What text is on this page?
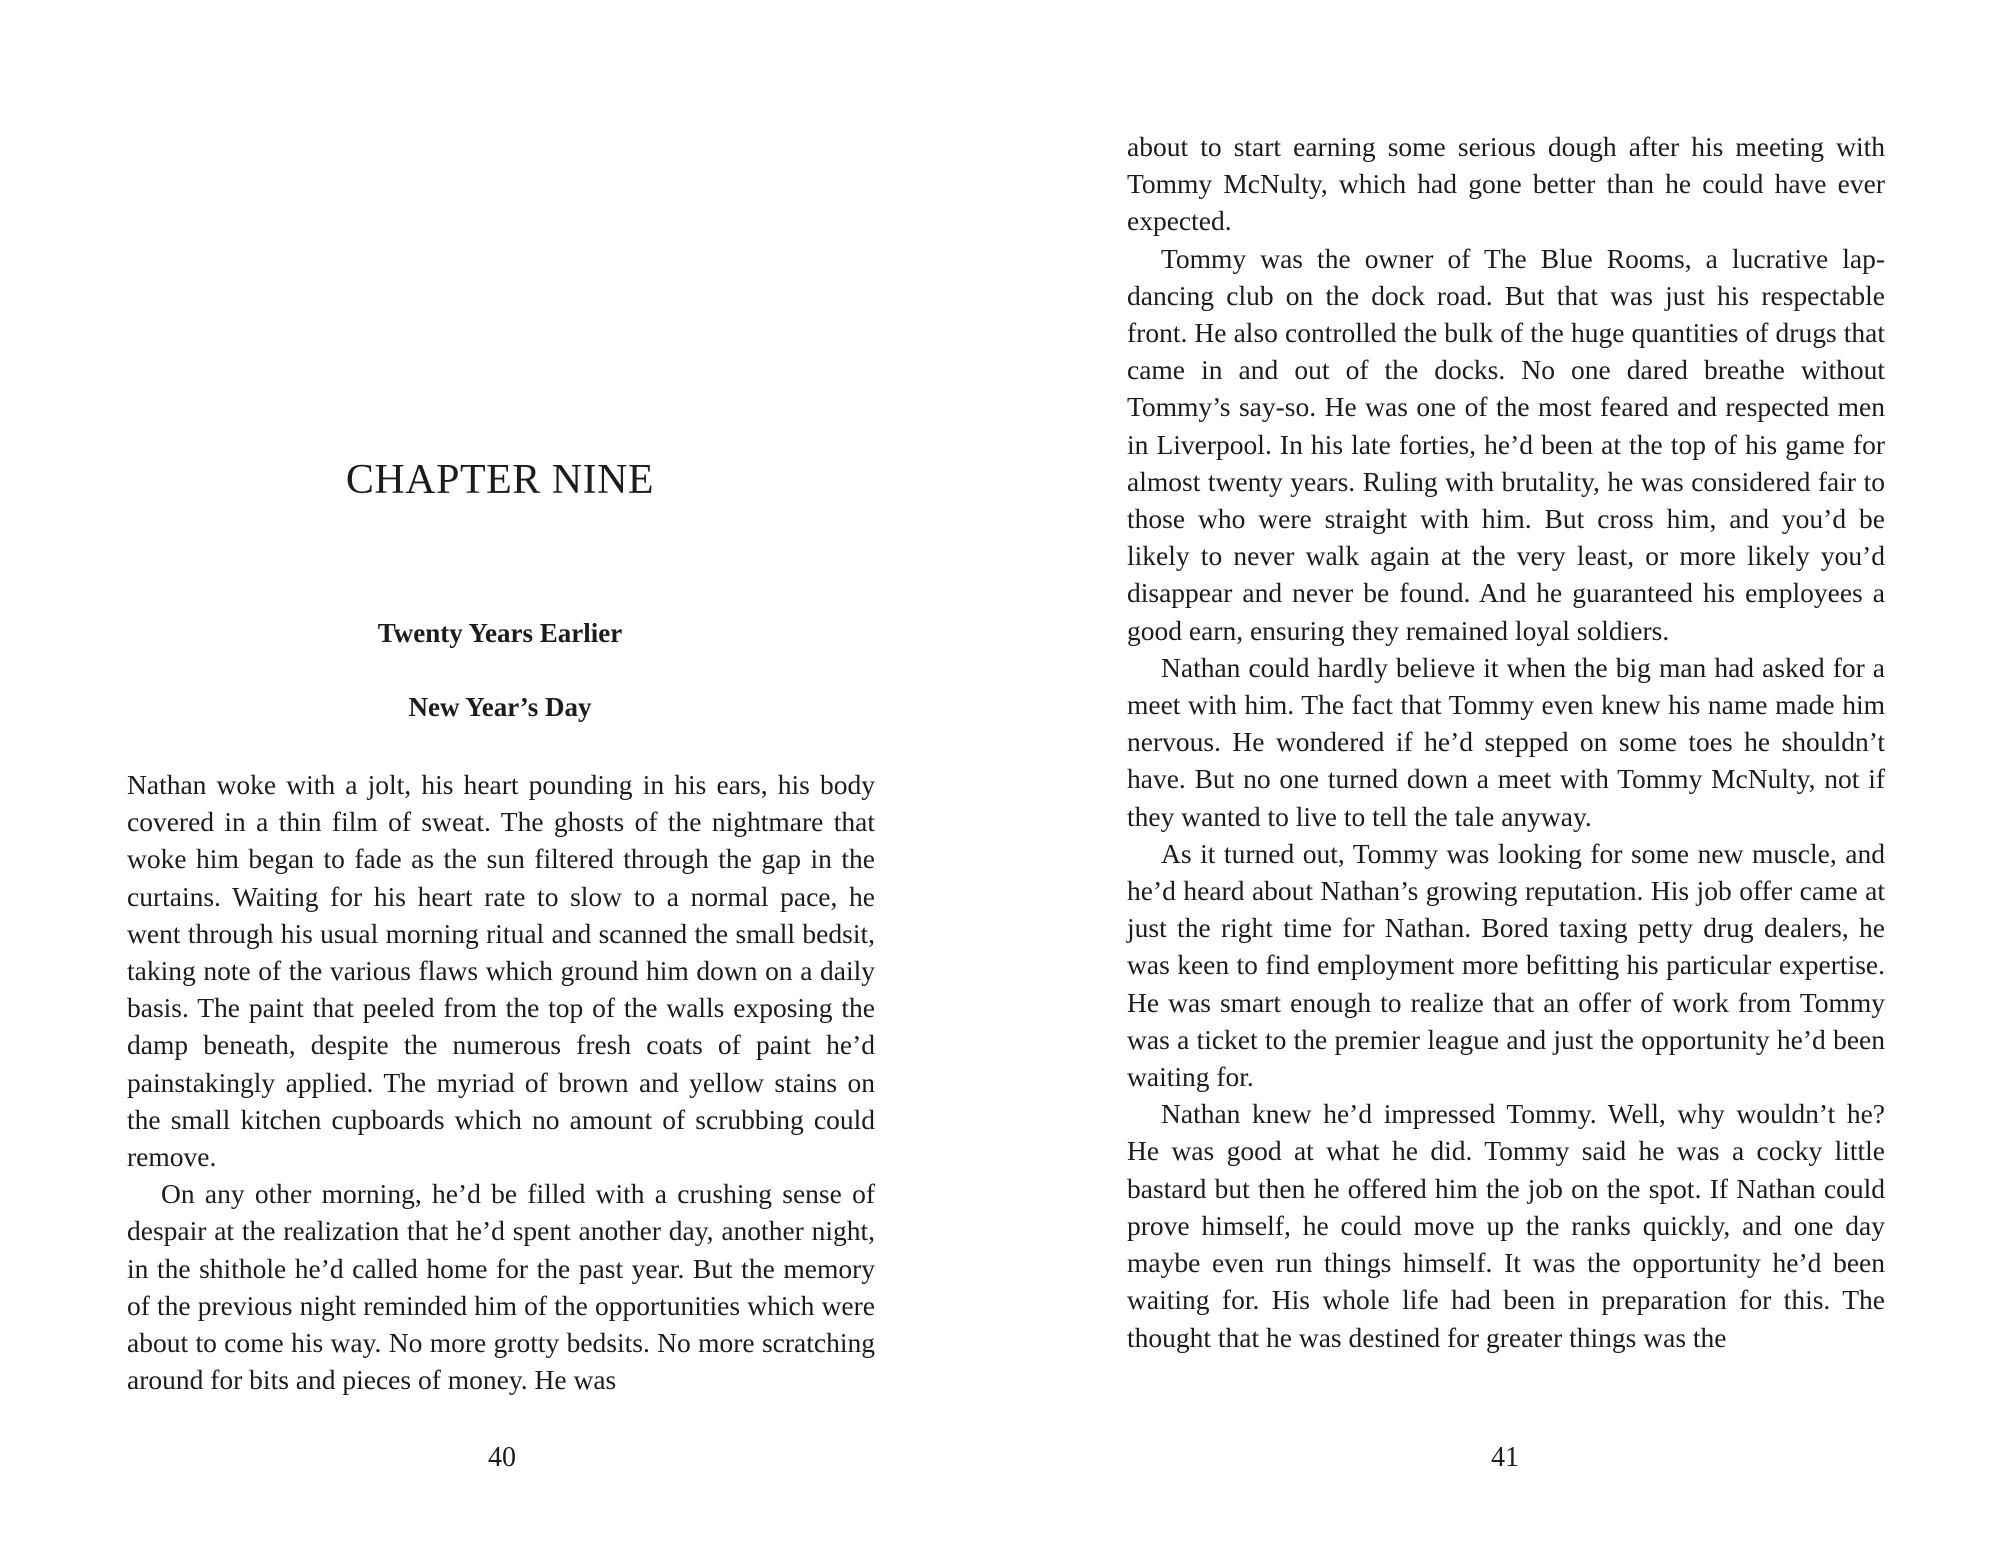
CHAPTER NINE
Twenty Years Earlier
New Year’s Day

Nathan woke with a jolt, his heart pounding in his ears, his body covered in a thin film of sweat. The ghosts of the nightmare that woke him began to fade as the sun filtered through the gap in the curtains. Waiting for his heart rate to slow to a normal pace, he went through his usual morning ritual and scanned the small bedsit, taking note of the various flaws which ground him down on a daily basis. The paint that peeled from the top of the walls exposing the damp beneath, despite the numerous fresh coats of paint he’d painstakingly applied. The myriad of brown and yellow stains on the small kitchen cupboards which no amount of scrubbing could remove.

On any other morning, he’d be filled with a crushing sense of despair at the realization that he’d spent another day, another night, in the shithole he’d called home for the past year. But the memory of the previous night reminded him of the opportunities which were about to come his way. No more grotty bedsits. No more scratching around for bits and pieces of money. He was

40

about to start earning some serious dough after his meeting with Tommy McNulty, which had gone better than he could have ever expected.

Tommy was the owner of The Blue Rooms, a lucrative lapdancing club on the dock road. But that was just his respectable front. He also controlled the bulk of the huge quantities of drugs that came in and out of the docks. No one dared breathe without Tommy’s say-so. He was one of the most feared and respected men in Liverpool. In his late forties, he’d been at the top of his game for almost twenty years. Ruling with brutality, he was considered fair to those who were straight with him. But cross him, and you’d be likely to never walk again at the very least, or more likely you’d disappear and never be found. And he guaranteed his employees a good earn, ensuring they remained loyal soldiers.

Nathan could hardly believe it when the big man had asked for a meet with him. The fact that Tommy even knew his name made him nervous. He wondered if he’d stepped on some toes he shouldn’t have. But no one turned down a meet with Tommy McNulty, not if they wanted to live to tell the tale anyway.

As it turned out, Tommy was looking for some new muscle, and he’d heard about Nathan’s growing reputation. His job offer came at just the right time for Nathan. Bored taxing petty drug dealers, he was keen to find employment more befitting his particular expertise. He was smart enough to realize that an offer of work from Tommy was a ticket to the premier league and just the opportunity he’d been waiting for.

Nathan knew he’d impressed Tommy. Well, why wouldn’t he? He was good at what he did. Tommy said he was a cocky little bastard but then he offered him the job on the spot. If Nathan could prove himself, he could move up the ranks quickly, and one day maybe even run things himself. It was the opportunity he’d been waiting for. His whole life had been in preparation for this. The thought that he was destined for greater things was the

41
